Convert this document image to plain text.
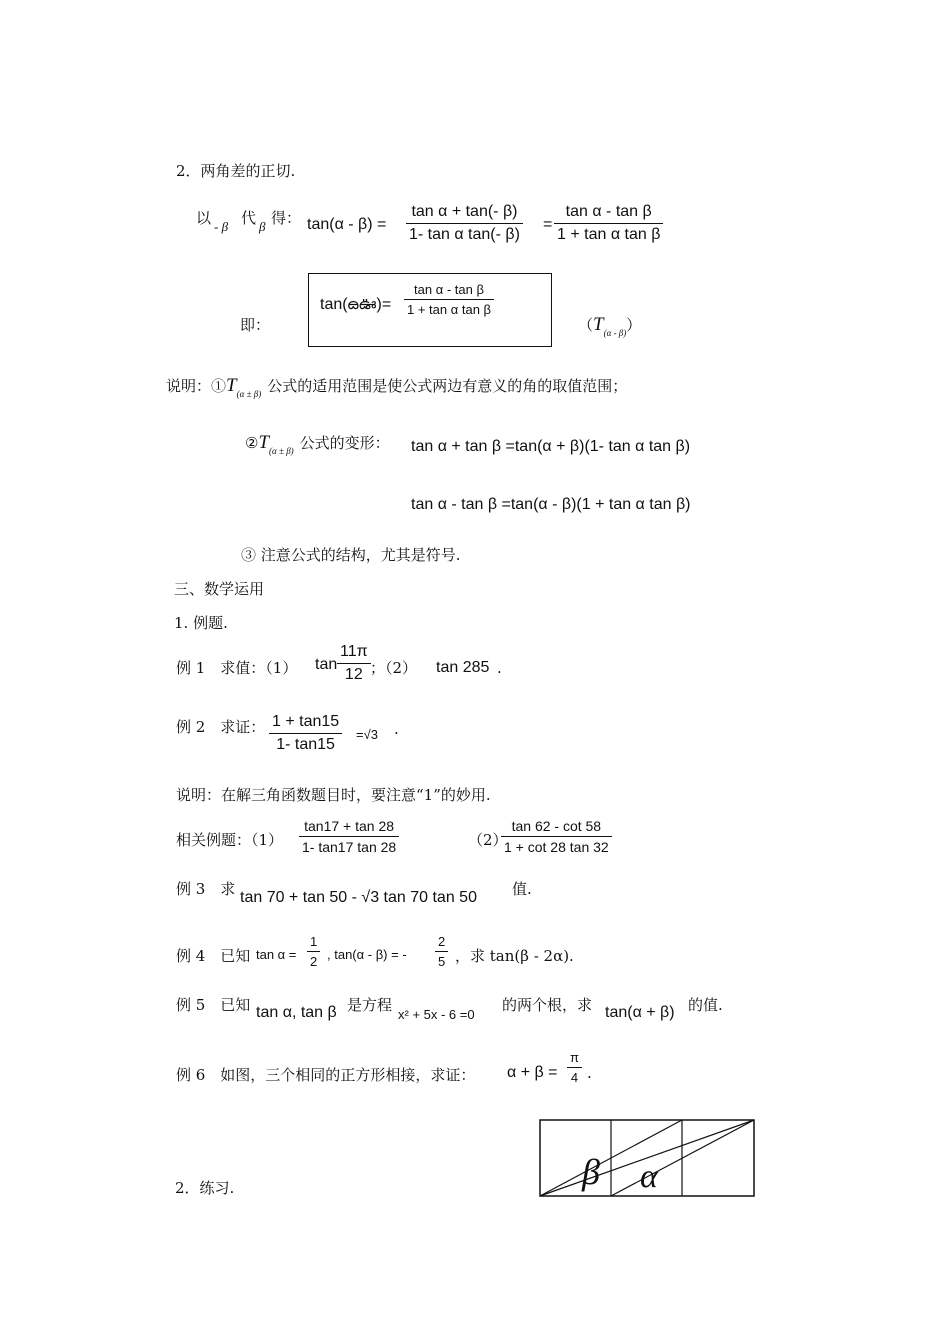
2．两角差的正切.
以 - β 代 β 得： $\tan(\alpha - \beta) = \frac{\text{tan α + tan(- β)}}{\text{1- tan α tan(- β)}} = \frac{\text{tan α - tan β}}{\text{1 + tan α tan β}}$
即：
tan(ౚఊ)= $\frac{\text{tan α - tan β}}{\text{1 + tan α tan β}}$
$(T_{(\alpha - \beta)})$
说明：$①T_{(\alpha \pm \beta)}$ 公式的适用范围是使公式两边有意义的角的取值范围；
$②T_{(\alpha \pm \beta)}$ 公式的变形： tan α + tan β =tan(α + β)(1- tan α tan β)
tan α - tan β =tan(α - β)(1 + tan α tan β)
③ 注意公式的结构，尤其是符号.
三、数学运用
1. 例题.
例 1　求值：（1） $\tan \frac{11\pi}{12}$ ；（2） tan 285 .
例 2　求证： $\frac{1 + \tan 15}{1- \tan 15} =√3$ .
说明：在解三角函数题目时，要注意“1”的妙用.
相关例题：$(1) \frac{\tan 17 + \tan 28}{1- \tan 17 \tan 28}$	（2）
$\frac{\tan 62 - \cot 58}{1 + \cot 28 \tan 32}$
例 3　求 tan 70 + tan 50 - √3 tan 70 tan 50 值.
例 4　已知 $\tan \alpha = \frac{1}{2}$ , tan(α - β) = - $\frac{2}{5}$ ，求 tan(β - 2α).
例 5　已知 tan α, tan β 是方程
x² + 5x - 6 =0
的两个根，求 tan(α + β) 的值.
例 6　如图，三个相同的正方形相接，求证： $\alpha + \beta = \frac{\pi}{4}$ .
β α
2．练习.
